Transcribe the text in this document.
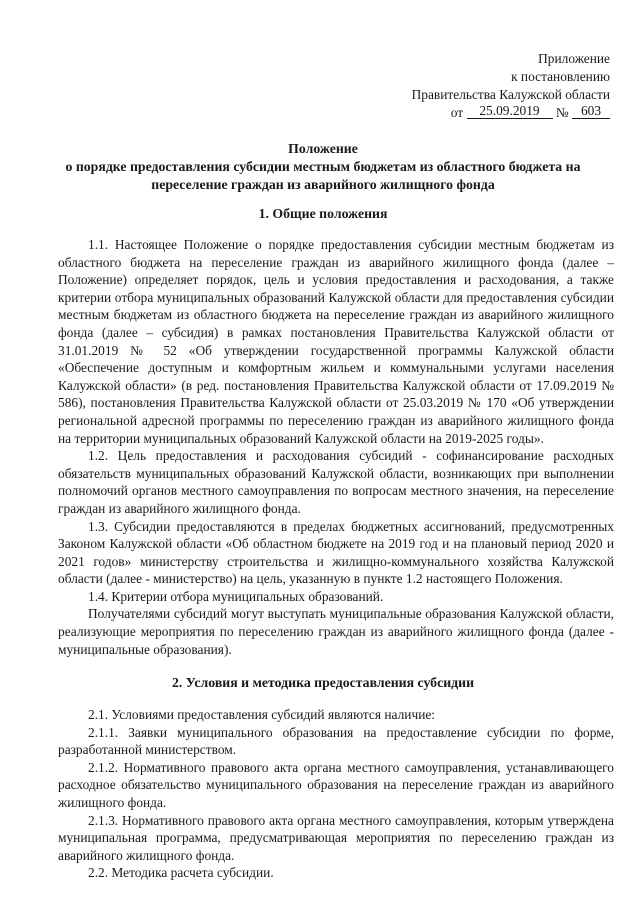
Приложение
к постановлению
Правительства Калужской области
от 25.09.2019 № 603
Положение
о порядке предоставления субсидии местным бюджетам из областного бюджета на
переселение граждан из аварийного жилищного фонда
1. Общие положения

1.1. Настоящее Положение о порядке предоставления субсидии местным бюджетам из областного бюджета на переселение граждан из аварийного жилищного фонда (далее – Положение) определяет порядок, цель и условия предоставления и расходования, а также критерии отбора муниципальных образований Калужской области для предоставления субсидии местным бюджетам из областного бюджета на переселение граждан из аварийного жилищного фонда (далее – субсидия) в рамках постановления Правительства Калужской области от 31.01.2019 № 52 «Об утверждении государственной программы Калужской области «Обеспечение доступным и комфортным жильем и коммунальными услугами населения Калужской области» (в ред. постановления Правительства Калужской области от 17.09.2019 № 586), постановления Правительства Калужской области от 25.03.2019 № 170 «Об утверждении региональной адресной программы по переселению граждан из аварийного жилищного фонда на территории муниципальных образований Калужской области на 2019-2025 годы».

1.2. Цель предоставления и расходования субсидий - софинансирование расходных обязательств муниципальных образований Калужской области, возникающих при выполнении полномочий органов местного самоуправления по вопросам местного значения, на переселение граждан из аварийного жилищного фонда.

1.3. Субсидии предоставляются в пределах бюджетных ассигнований, предусмотренных Законом Калужской области «Об областном бюджете на 2019 год и на плановый период 2020 и 2021 годов» министерству строительства и жилищно-коммунального хозяйства Калужской области (далее - министерство) на цель, указанную в пункте 1.2 настоящего Положения.

1.4. Критерии отбора муниципальных образований.

Получателями субсидий могут выступать муниципальные образования Калужской области, реализующие мероприятия по переселению граждан из аварийного жилищного фонда (далее - муниципальные образования).

2. Условия и методика предоставления субсидии

2.1. Условиями предоставления субсидий являются наличие:

2.1.1. Заявки муниципального образования на предоставление субсидии по форме, разработанной министерством.

2.1.2. Нормативного правового акта органа местного самоуправления, устанавливающего расходное обязательство муниципального образования на переселение граждан из аварийного жилищного фонда.

2.1.3. Нормативного правового акта органа местного самоуправления, которым утверждена муниципальная программа, предусматривающая мероприятия по переселению граждан из аварийного жилищного фонда.

2.2. Методика расчета субсидии.
